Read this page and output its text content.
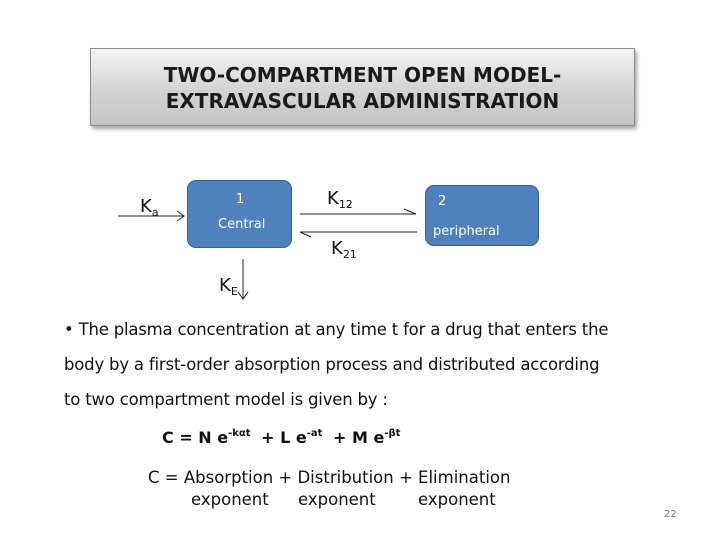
TWO-COMPARTMENT OPEN MODEL-
EXTRAVASCULAR ADMINISTRATION
1
Central
2
peripheral
$K_a$
$K_{12}$
$K_{21}$
$K_E$
• The plasma concentration at any time t for a drug that enters the
body by a first-order absorption process and distributed according
to two compartment model is given by :
C = N $e^{-k\alpha t} + L$ $e^{-at} + M$ $e^{-\beta t}$
C = Absorption + Distribution + Elimination
exponent exponent	exponent
22
